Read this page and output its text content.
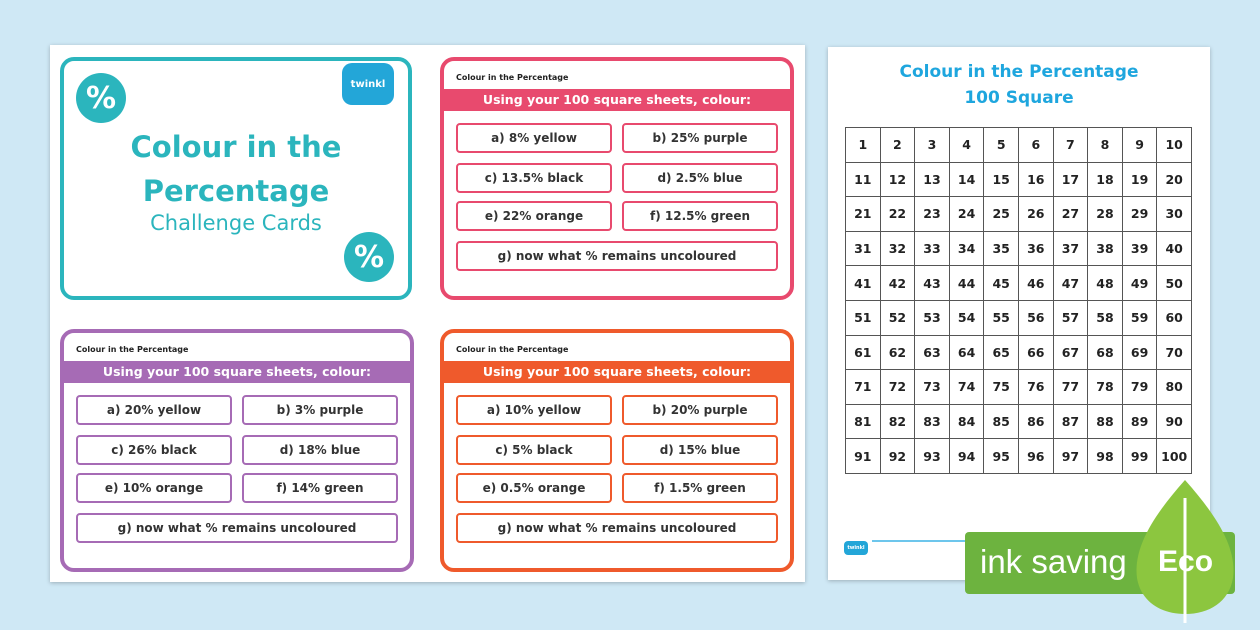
%	twinkl
Colour in the Percentage
Challenge Cards
%
Colour in the Percentage
Using your 100 square sheets, colour:
a) 8% yellow	b) 25% purple
c) 13.5% black	d) 2.5% blue
e) 22% orange	f) 12.5% green
g) now what % remains uncoloured
Colour in the Percentage
Using your 100 square sheets, colour:
a) 20% yellow	b) 3% purple
c) 26% black	d) 18% blue
e) 10% orange	f) 14% green
g) now what % remains uncoloured
Colour in the Percentage
Using your 100 square sheets, colour:
a) 10% yellow	b) 20% purple
c) 5% black	d) 15% blue
e) 0.5% orange	f) 1.5% green
g) now what % remains uncoloured
Colour in the Percentage
100 Square
1	2	3	4	5	6	7	8	9	10
11	12	13	14	15	16	17	18	19	20
21	22	23	24	25	26	27	28	29	30
31	32	33	34	35	36	37	38	39	40
41	42	43	44	45	46	47	48	49	50
51	52	53	54	55	56	57	58	59	60
61	62	63	64	65	66	67	68	69	70
71	72	73	74	75	76	77	78	79	80
81	82	83	84	85	86	87	88	89	90
91	92	93	94	95	96	97	98	99	100
twinkl	ink saving Eco
